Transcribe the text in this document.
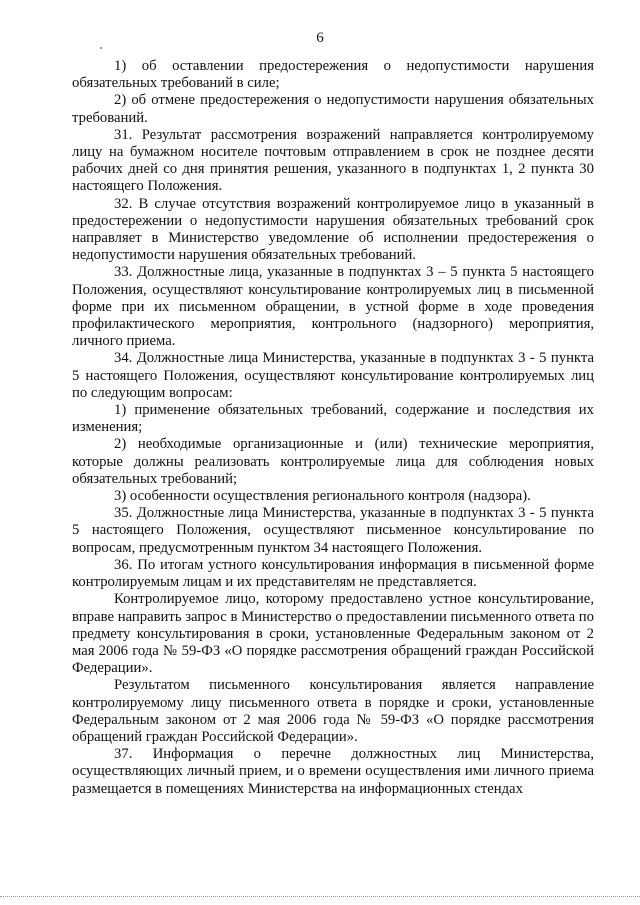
6

1) об оставлении предостережения о недопустимости нарушения обязательных требований в силе;

2) об отмене предостережения о недопустимости нарушения обязательных требований.

31. Результат рассмотрения возражений направляется контролируемому лицу на бумажном носителе почтовым отправлением в срок не позднее десяти рабочих дней со дня принятия решения, указанного в подпунктах 1, 2 пункта 30 настоящего Положения.

32. В случае отсутствия возражений контролируемое лицо в указанный в предостережении о недопустимости нарушения обязательных требований срок направляет в Министерство уведомление об исполнении предостережения о недопустимости нарушения обязательных требований.

33. Должностные лица, указанные в подпунктах 3 – 5 пункта 5 настоящего Положения, осуществляют консультирование контролируемых лиц в письменной форме при их письменном обращении, в устной форме в ходе проведения профилактического мероприятия, контрольного (надзорного) мероприятия, личного приема.

34. Должностные лица Министерства, указанные в подпунктах 3 - 5 пункта 5 настоящего Положения, осуществляют консультирование контролируемых лиц по следующим вопросам:

1) применение обязательных требований, содержание и последствия их изменения;

2) необходимые организационные и (или) технические мероприятия, которые должны реализовать контролируемые лица для соблюдения новых обязательных требований;

3) особенности осуществления регионального контроля (надзора).

35. Должностные лица Министерства, указанные в подпунктах 3 - 5 пункта 5 настоящего Положения, осуществляют письменное консультирование по вопросам, предусмотренным пунктом 34 настоящего Положения.

36. По итогам устного консультирования информация в письменной форме контролируемым лицам и их представителям не представляется.

Контролируемое лицо, которому предоставлено устное консультирование, вправе направить запрос в Министерство о предоставлении письменного ответа по предмету консультирования в сроки, установленные Федеральным законом от 2 мая 2006 года № 59-ФЗ «О порядке рассмотрения обращений граждан Российской Федерации».

Результатом письменного консультирования является направление контролируемому лицу письменного ответа в порядке и сроки, установленные Федеральным законом от 2 мая 2006 года № 59-ФЗ «О порядке рассмотрения обращений граждан Российской Федерации».

37. Информация о перечне должностных лиц Министерства, осуществляющих личный прием, и о времени осуществления ими личного приема размещается в помещениях Министерства на информационных стендах
